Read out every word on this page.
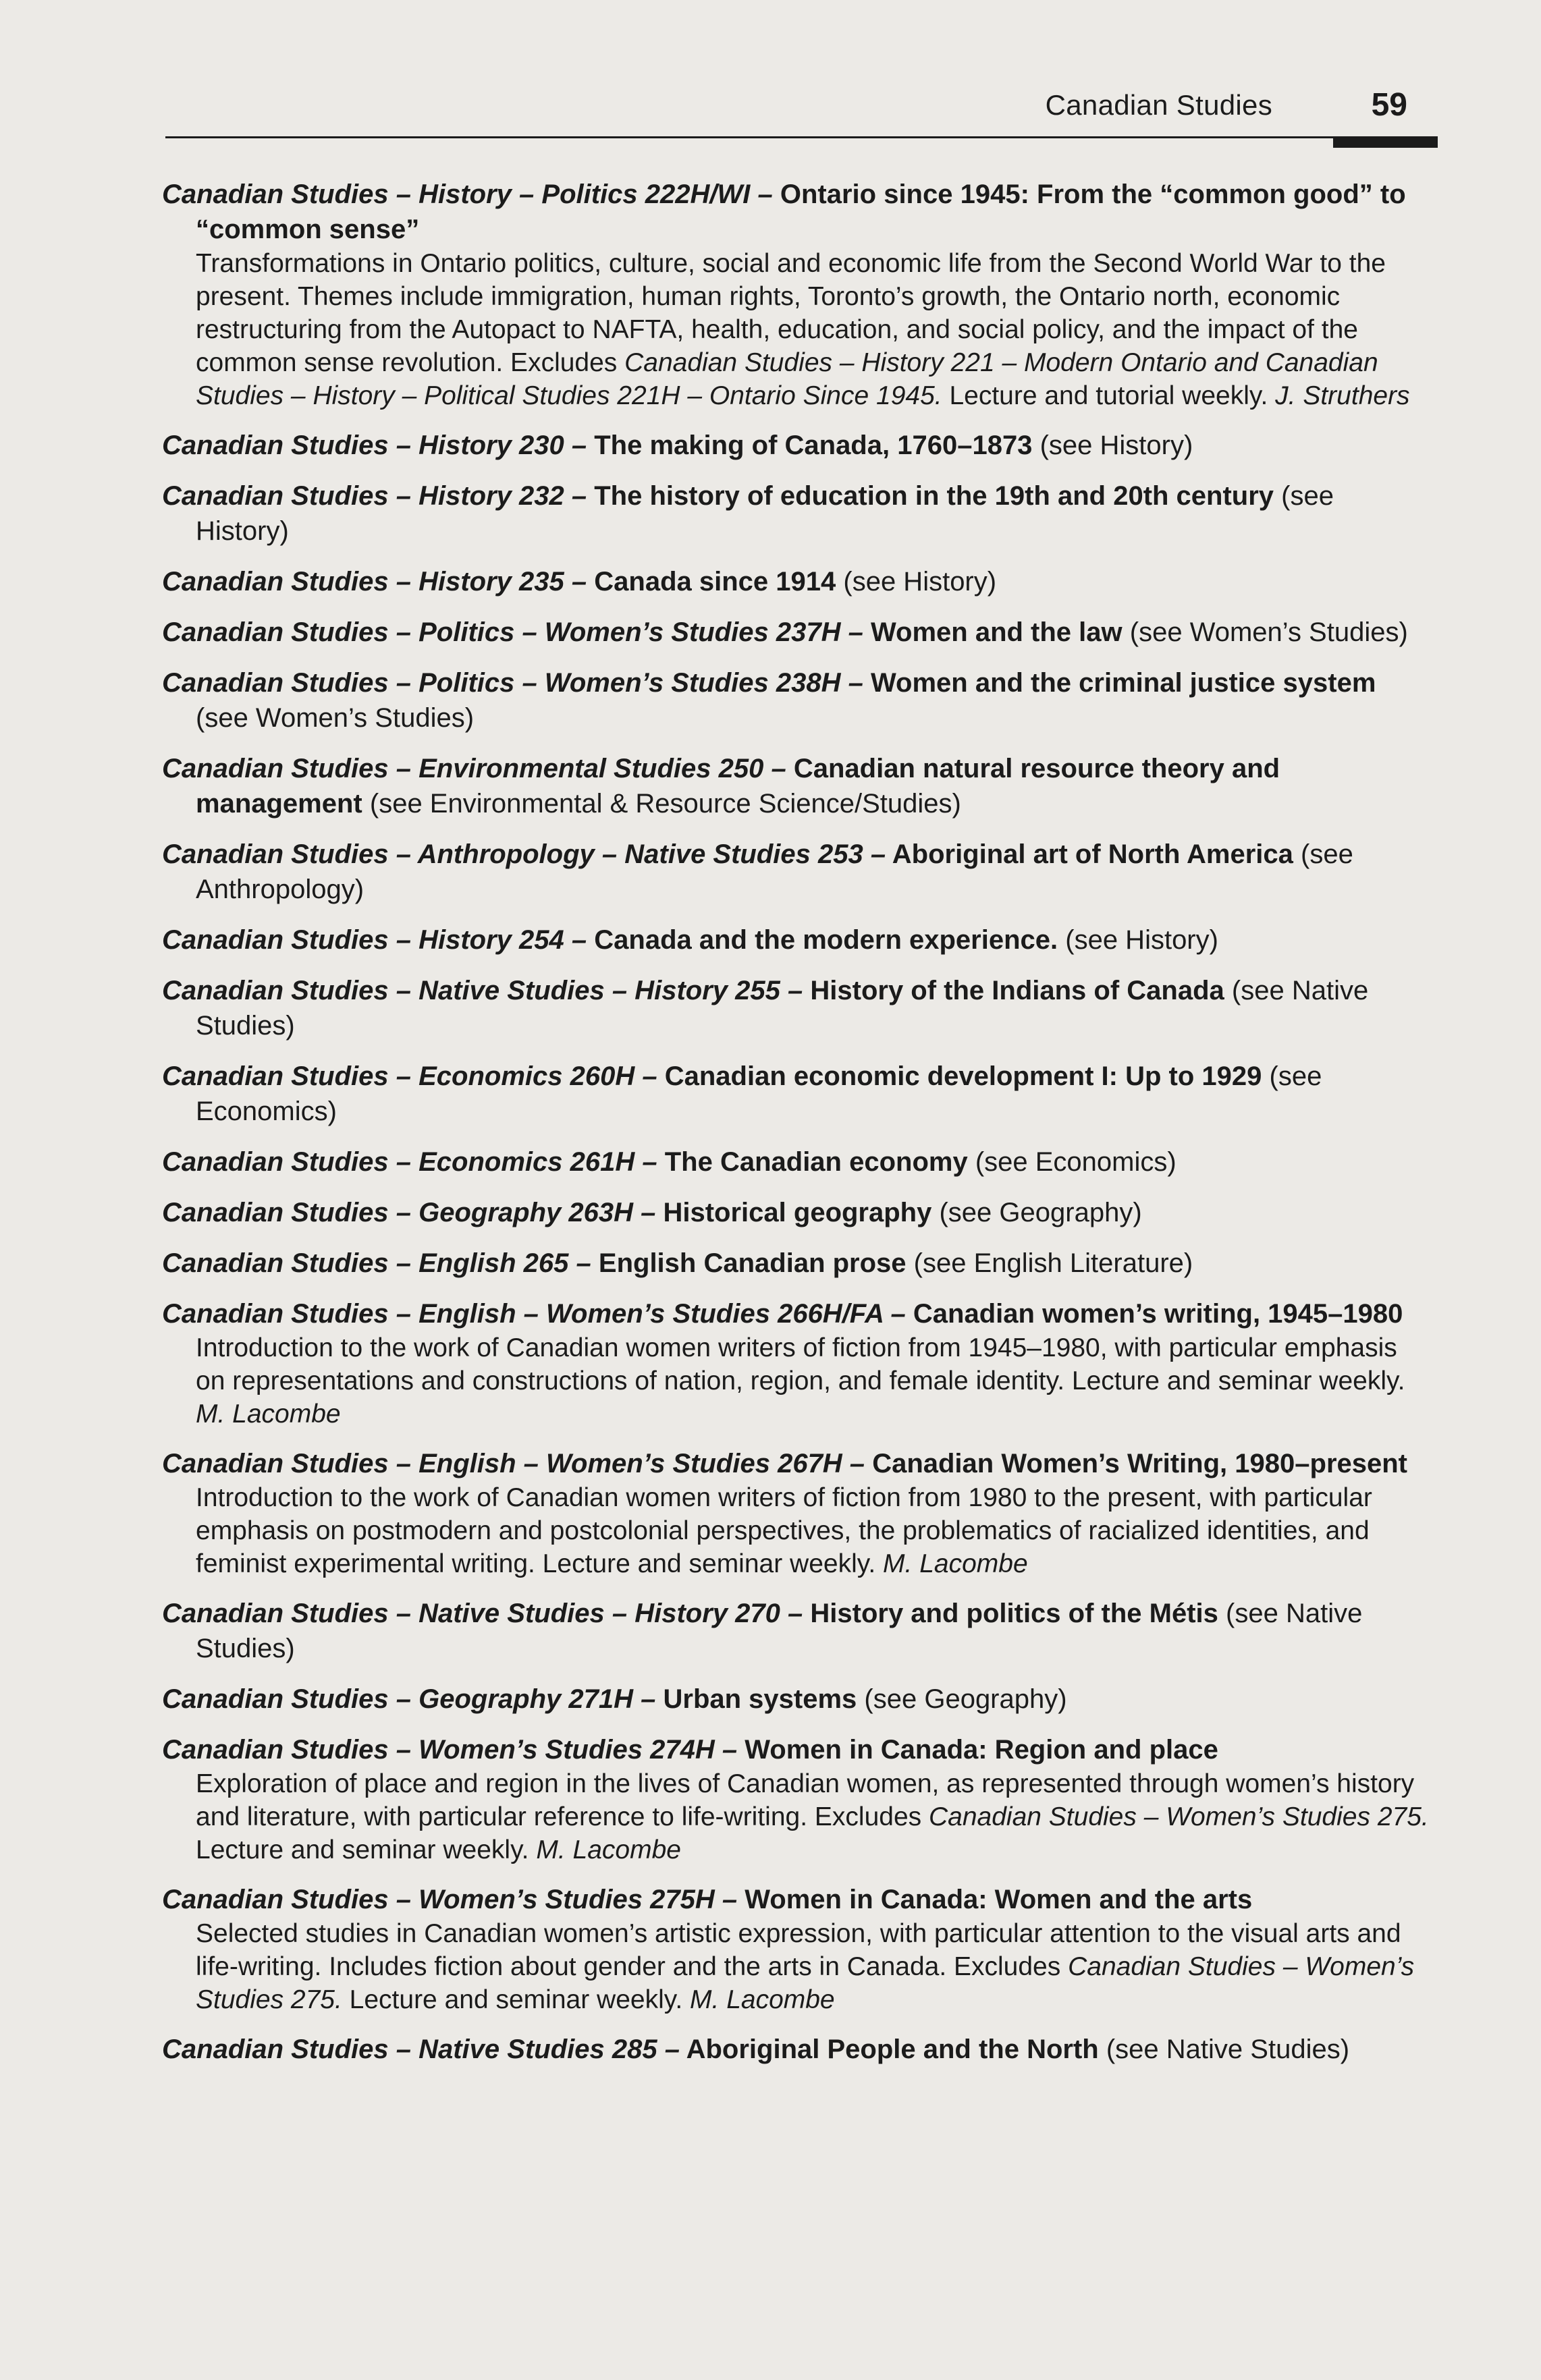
Canadian Studies	59
Canadian Studies – History – Politics 222H/WI – Ontario since 1945: From the “common good” to “common sense”
Transformations in Ontario politics, culture, social and economic life from the Second World War to the present. Themes include immigration, human rights, Toronto’s growth, the Ontario north, economic restructuring from the Autopact to NAFTA, health, education, and social policy, and the impact of the common sense revolution. Excludes Canadian Studies – History 221 – Modern Ontario and Canadian Studies – History – Political Studies 221H – Ontario Since 1945. Lecture and tutorial weekly. J. Struthers
Canadian Studies – History 230 – The making of Canada, 1760–1873 (see History)
Canadian Studies – History 232 – The history of education in the 19th and 20th century (see History)
Canadian Studies – History 235 – Canada since 1914 (see History)
Canadian Studies – Politics – Women’s Studies 237H – Women and the law (see Women’s Studies)
Canadian Studies – Politics – Women’s Studies 238H – Women and the criminal justice system (see Women’s Studies)
Canadian Studies – Environmental Studies 250 – Canadian natural resource theory and management (see Environmental & Resource Science/Studies)
Canadian Studies – Anthropology – Native Studies 253 – Aboriginal art of North America (see Anthropology)
Canadian Studies – History 254 – Canada and the modern experience. (see History)
Canadian Studies – Native Studies – History 255 – History of the Indians of Canada (see Native Studies)
Canadian Studies – Economics 260H – Canadian economic development I: Up to 1929 (see Economics)
Canadian Studies – Economics 261H – The Canadian economy (see Economics)
Canadian Studies – Geography 263H – Historical geography (see Geography)
Canadian Studies – English 265 – English Canadian prose (see English Literature)
Canadian Studies – English – Women’s Studies 266H/FA – Canadian women’s writing, 1945–1980
Introduction to the work of Canadian women writers of fiction from 1945–1980, with particular emphasis on representations and constructions of nation, region, and female identity. Lecture and seminar weekly. M. Lacombe
Canadian Studies – English – Women’s Studies 267H – Canadian Women’s Writing, 1980–present
Introduction to the work of Canadian women writers of fiction from 1980 to the present, with particular emphasis on postmodern and postcolonial perspectives, the problematics of racialized identities, and feminist experimental writing. Lecture and seminar weekly. M. Lacombe
Canadian Studies – Native Studies – History 270 – History and politics of the Métis (see Native Studies)
Canadian Studies – Geography 271H – Urban systems (see Geography)
Canadian Studies – Women’s Studies 274H – Women in Canada: Region and place
Exploration of place and region in the lives of Canadian women, as represented through women’s history and literature, with particular reference to life-writing. Excludes Canadian Studies – Women’s Studies 275. Lecture and seminar weekly. M. Lacombe
Canadian Studies – Women’s Studies 275H – Women in Canada: Women and the arts
Selected studies in Canadian women’s artistic expression, with particular attention to the visual arts and life-writing. Includes fiction about gender and the arts in Canada. Excludes Canadian Studies – Women’s Studies 275. Lecture and seminar weekly. M. Lacombe
Canadian Studies – Native Studies 285 – Aboriginal People and the North (see Native Studies)
